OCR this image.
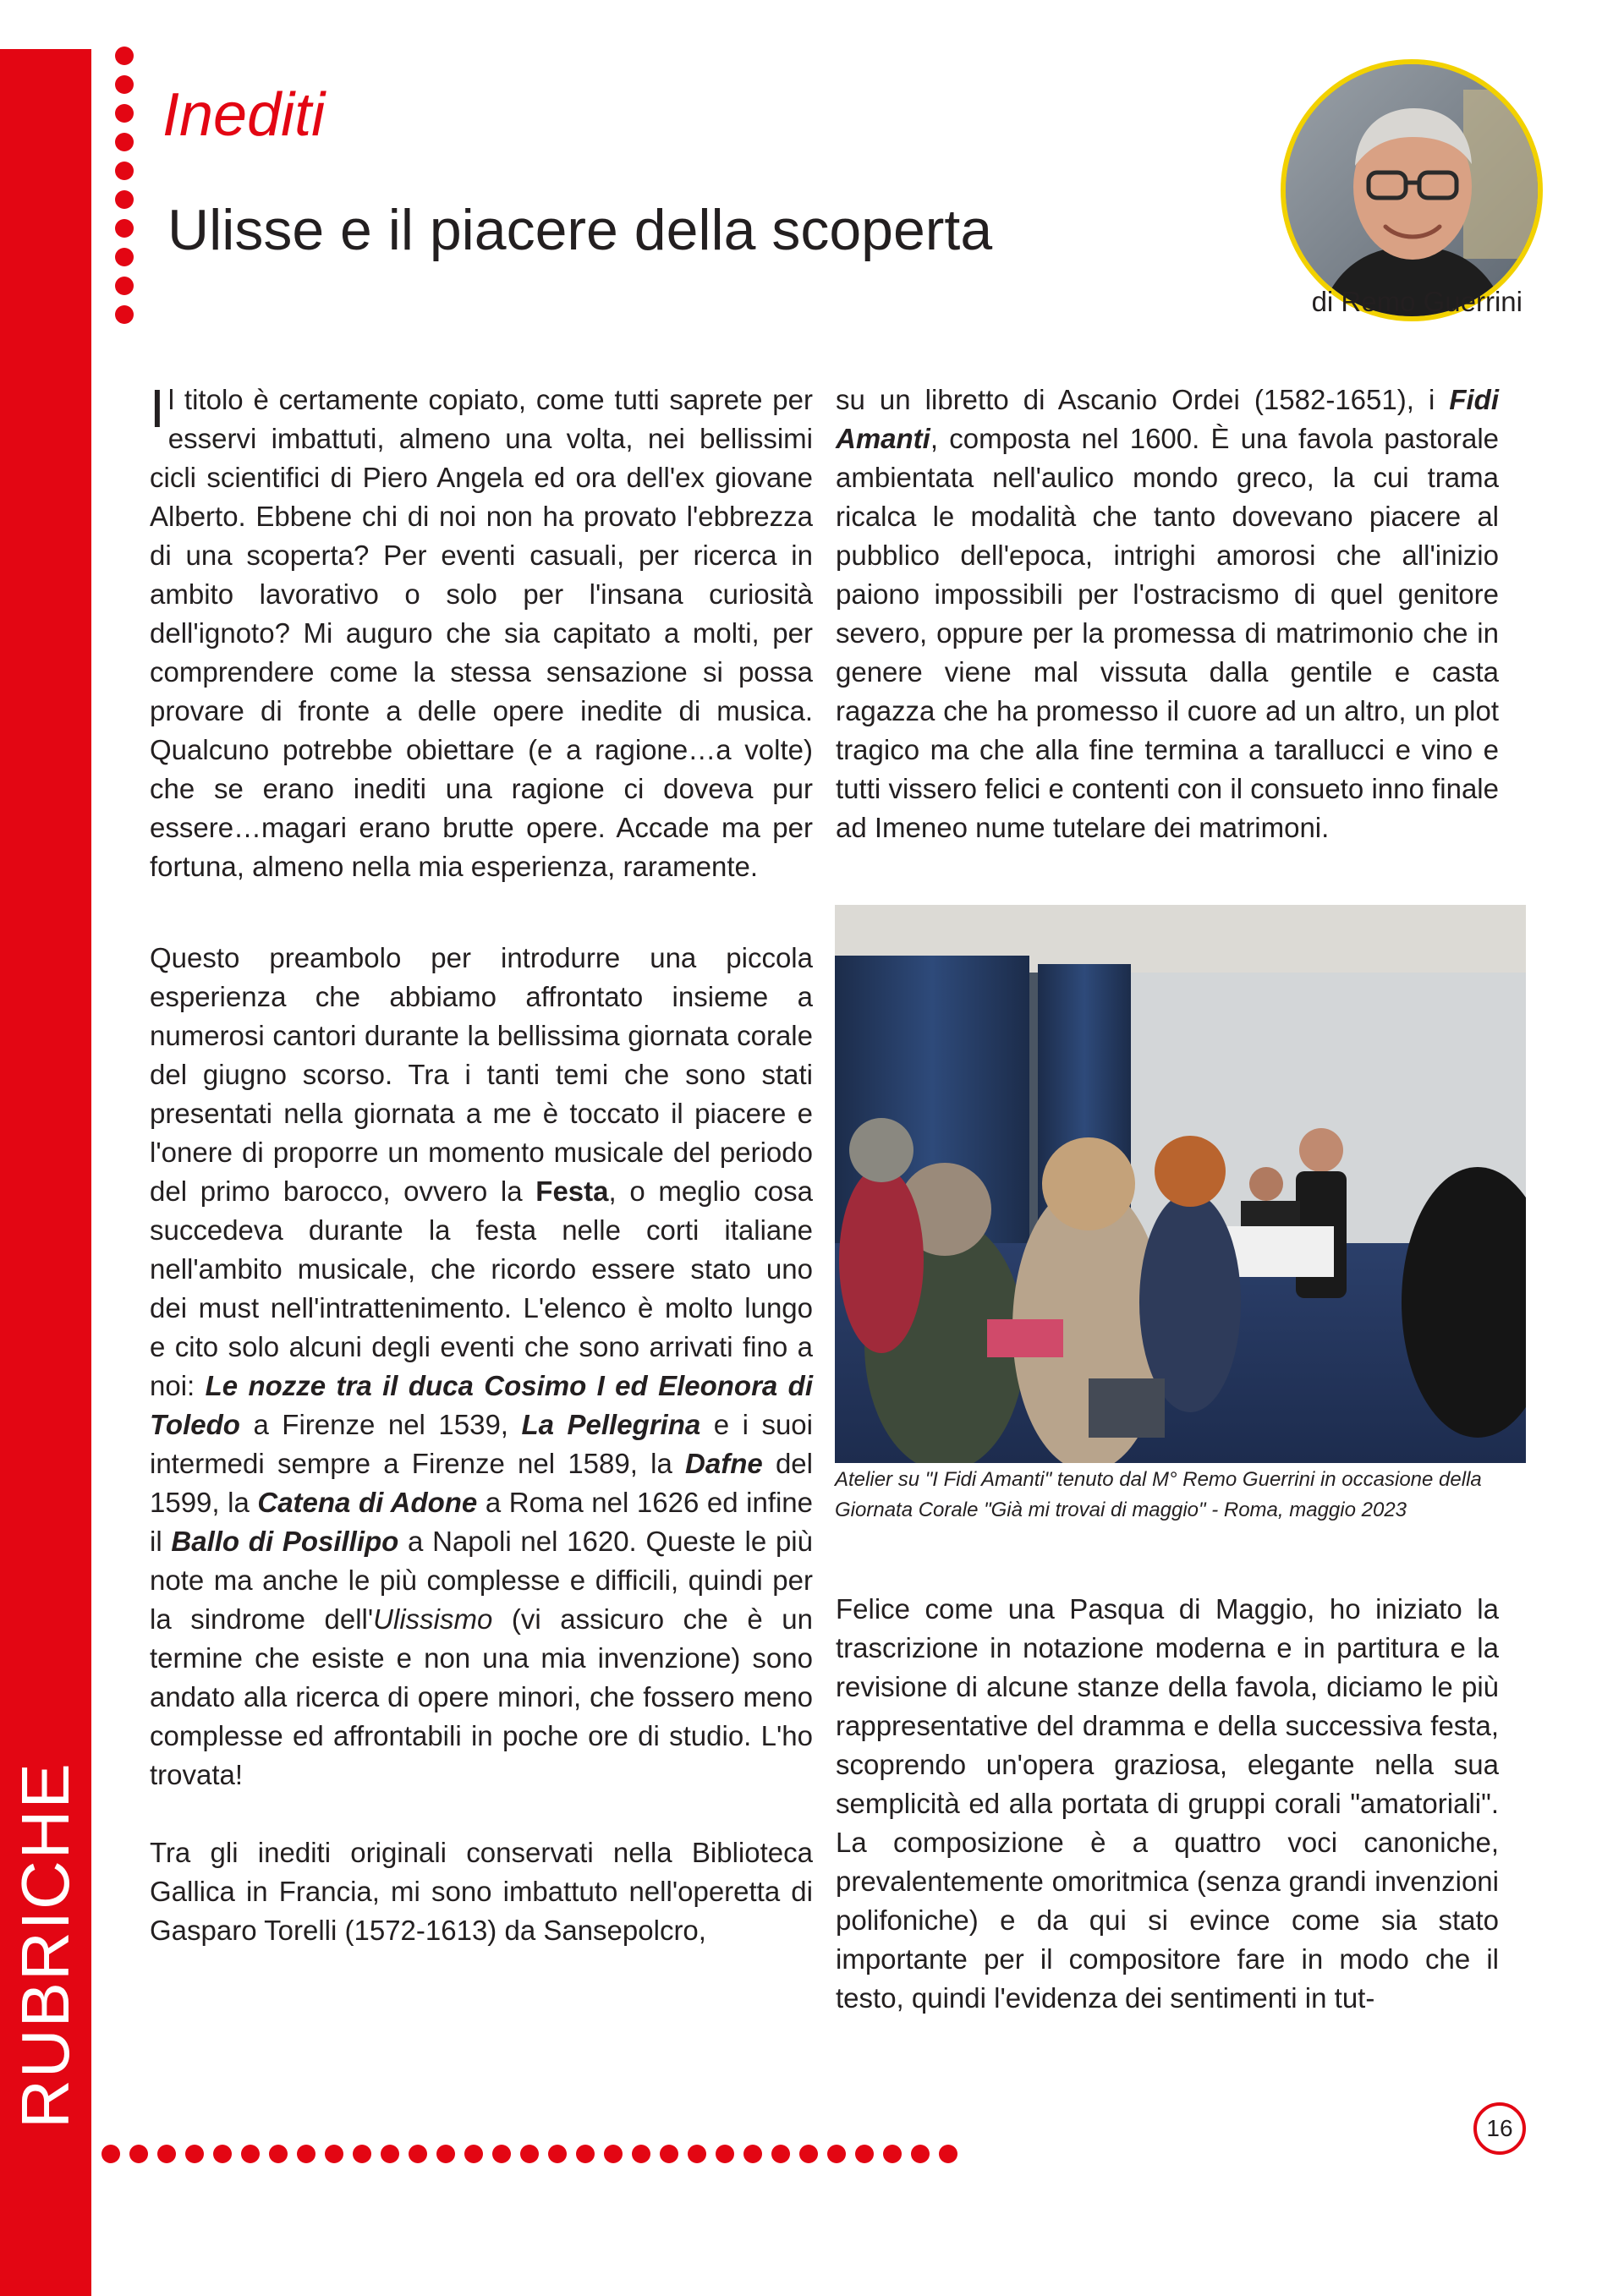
RUBRICHE
Inediti
Ulisse e il piacere della scoperta
di Remo Guerrini

Il titolo è certamente copiato, come tutti saprete per esservi imbattuti, almeno una volta, nei bellissimi cicli scientifici di Piero Angela ed ora dell'ex giovane Alberto. Ebbene chi di noi non ha provato l'ebbrezza di una scoperta? Per eventi casuali, per ricerca in ambito lavorativo o solo per l'insana curiosità dell'ignoto? Mi auguro che sia capitato a molti, per comprendere come la stessa sensazione si possa provare di fronte a delle opere inedite di musica. Qualcuno potrebbe obiettare (e a ragione…a volte) che se erano inediti una ragione ci doveva pur essere…magari erano brutte opere. Accade ma per fortuna, almeno nella mia esperienza, raramente.

Questo preambolo per introdurre una piccola esperienza che abbiamo affrontato insieme a numerosi cantori durante la bellissima giornata corale del giugno scorso. Tra i tanti temi che sono stati presentati nella giornata a me è toccato il piacere e l'onere di proporre un momento musicale del periodo del primo barocco, ovvero la Festa, o meglio cosa succedeva durante la festa nelle corti italiane nell'ambito musicale, che ricordo essere stato uno dei must nell'intrattenimento. L'elenco è molto lungo e cito solo alcuni degli eventi che sono arrivati fino a noi: Le nozze tra il duca Cosimo I ed Eleonora di Toledo a Firenze nel 1539, La Pellegrina e i suoi intermedi sempre a Firenze nel 1589, la Dafne del 1599, la Catena di Adone a Roma nel 1626 ed infine il Ballo di Posillipo a Napoli nel 1620. Queste le più note ma anche le più complesse e difficili, quindi per la sindrome dell'Ulissismo (vi assicuro che è un termine che esiste e non una mia invenzione) sono andato alla ricerca di opere minori, che fossero meno complesse ed affrontabili in poche ore di studio. L'ho trovata!

Tra gli inediti originali conservati nella Biblioteca Gallica in Francia, mi sono imbattuto nell'operetta di Gasparo Torelli (1572-1613) da Sansepolcro,

su un libretto di Ascanio Ordei (1582-1651), i Fidi Amanti, composta nel 1600. È una favola pastorale ambientata nell'aulico mondo greco, la cui trama ricalca le modalità che tanto dovevano piacere al pubblico dell'epoca, intrighi amorosi che all'inizio paiono impossibili per l'ostracismo di quel genitore severo, oppure per la promessa di matrimonio che in genere viene mal vissuta dalla gentile e casta ragazza che ha promesso il cuore ad un altro, un plot tragico ma che alla fine termina a tarallucci e vino e tutti vissero felici e contenti con il consueto inno finale ad Imeneo nume tutelare dei matrimoni.

Atelier su "I Fidi Amanti" tenuto dal M° Remo Guerrini in occasione della Giornata Corale "Già mi trovai di maggio" - Roma, maggio 2023

Felice come una Pasqua di Maggio, ho iniziato la trascrizione in notazione moderna e in partitura e la revisione di alcune stanze della favola, diciamo le più rappresentative del dramma e della successiva festa, scoprendo un'opera graziosa, elegante nella sua semplicità ed alla portata di gruppi corali "amatoriali". La composizione è a quattro voci canoniche, prevalentemente omoritmica (senza grandi invenzioni polifoniche) e da qui si evince come sia stato importante per il compositore fare in modo che il testo, quindi l'evidenza dei sentimenti in tut-

16
